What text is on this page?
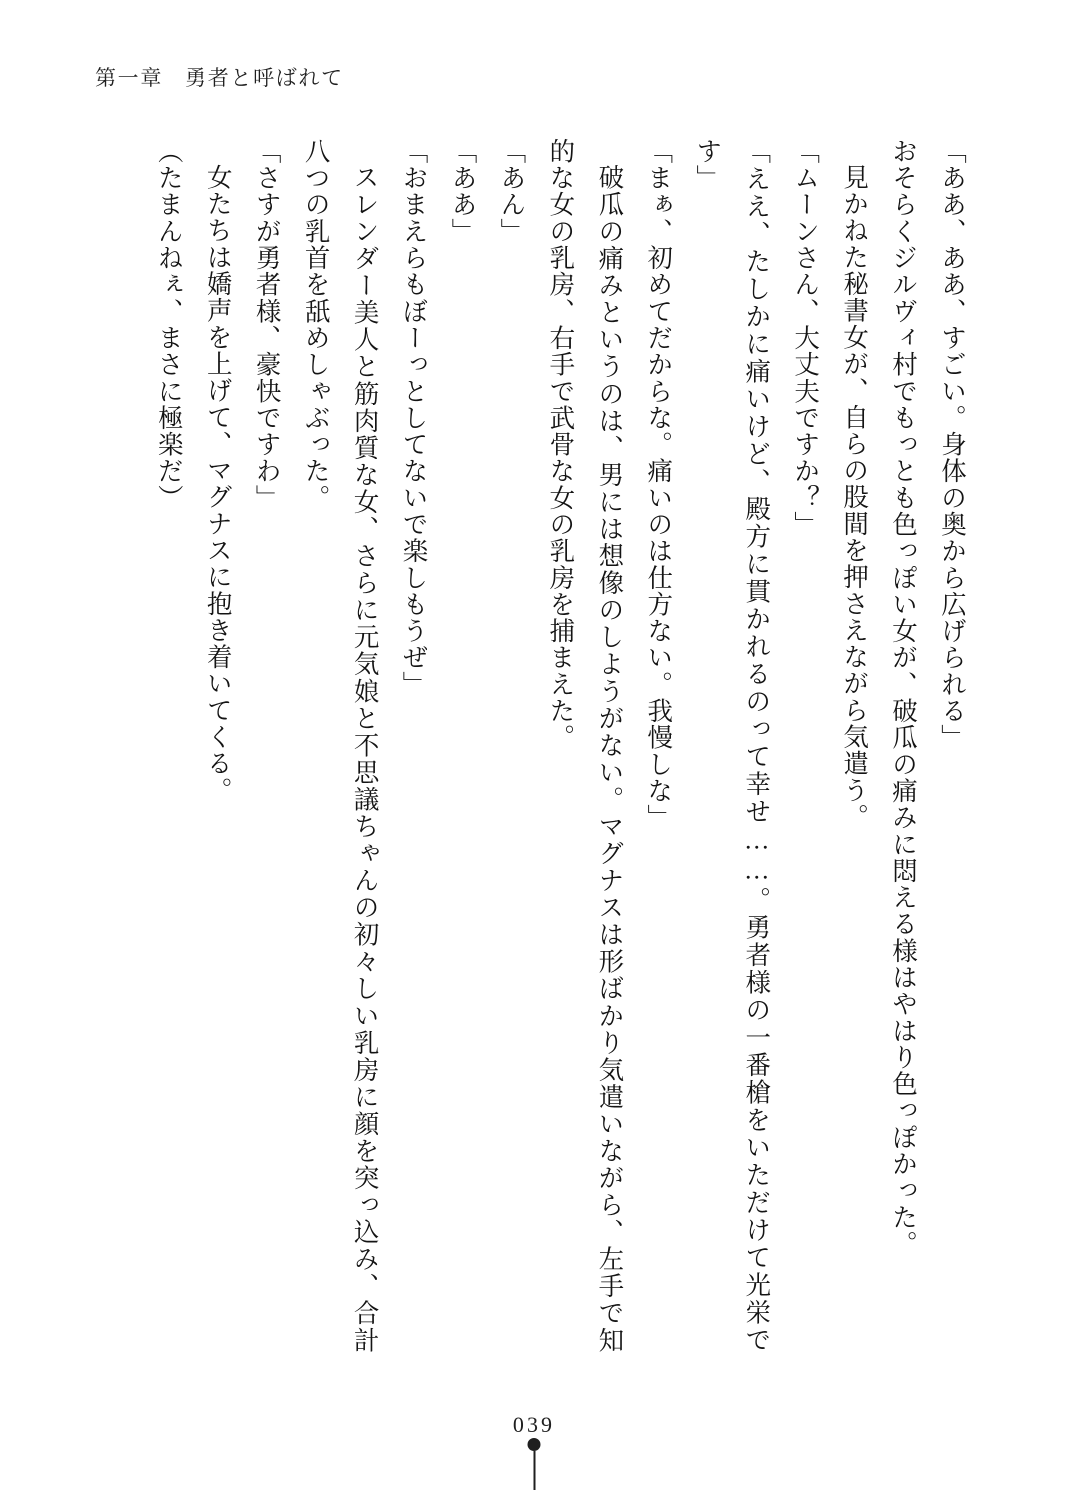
第一章 勇者と呼ばれて

「ああ、ああ、すごい。身体の奥から広げられる」

おそらくジルヴィ村でもっとも色っぽい女が、破瓜の痛みに悶える様はやはり色っぽかった。

見かねた秘書女が、自らの股間を押さえながら気遣う。

「ムーンさん、大丈夫ですか？」

「ええ、たしかに痛いけど、殿方に貫かれるのって幸せ……。勇者様の一番槍をいただけて光栄です」

「まぁ、初めてだからな。痛いのは仕方ない。我慢しな」

破瓜の痛みというのは、男には想像のしようがない。マグナスは形ばかり気遣いながら、左手で知的な女の乳房、右手で武骨な女の乳房を捕まえた。

「あん」

「ああ」

「おまえらもぼーっとしてないで楽しもうぜ」

スレンダー美人と筋肉質な女、さらに元気娘と不思議ちゃんの初々しい乳房に顔を突っ込み、合計八つの乳首を舐めしゃぶった。

「さすが勇者様、豪快ですわ」

女たちは嬌声を上げて、マグナスに抱き着いてくる。

（たまんねぇ、まさに極楽だ）

039
